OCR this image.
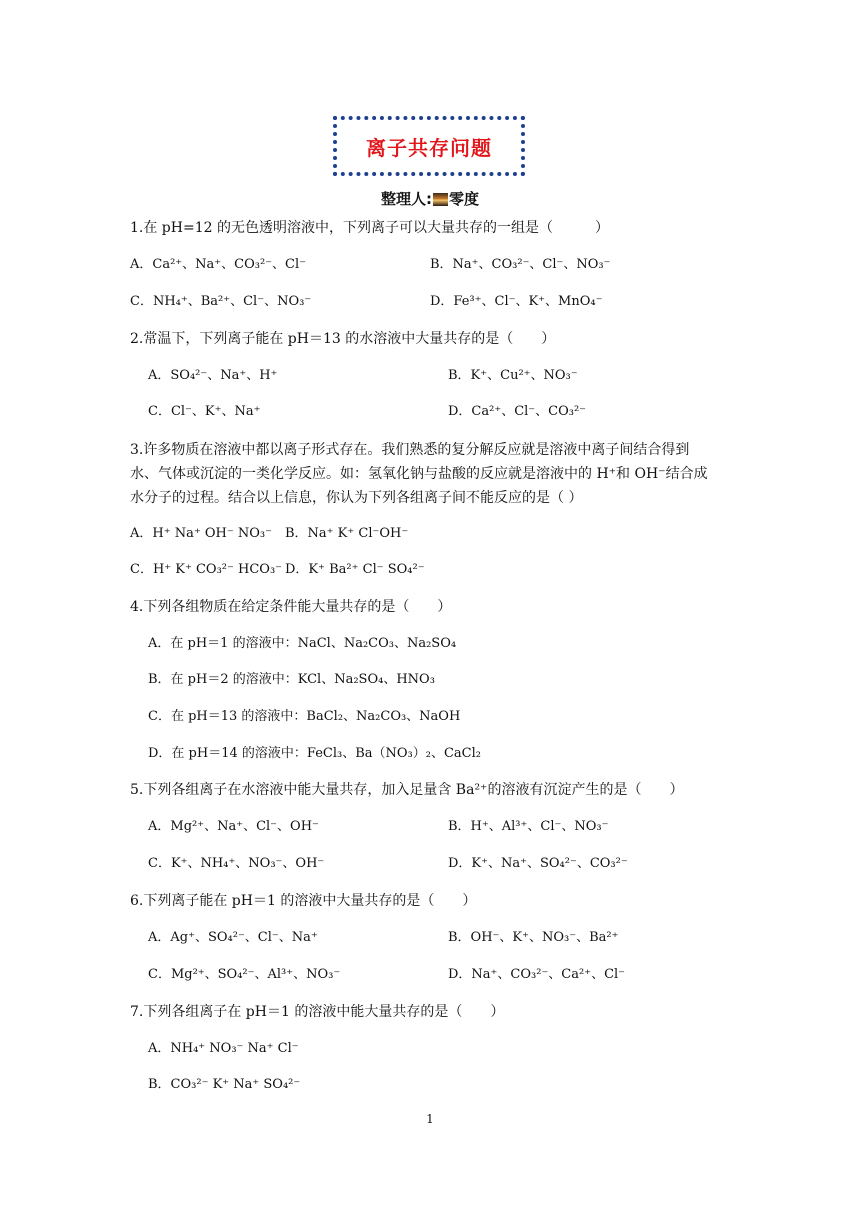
离子共存问题
整理人: 零度
1.在 pH=12 的无色透明溶液中，下列离子可以大量共存的一组是（　　　）
A．Ca²⁺、Na⁺、CO₃²⁻、Cl⁻	B．Na⁺、CO₃²⁻、Cl⁻、NO₃⁻
C．NH₄⁺、Ba²⁺、Cl⁻、NO₃⁻	D．Fe³⁺、Cl⁻、K⁺、MnO₄⁻
2.常温下，下列离子能在 pH＝13 的水溶液中大量共存的是（　　）
A．SO₄²⁻、Na⁺、H⁺	B．K⁺、Cu²⁺、NO₃⁻
C．Cl⁻、K⁺、Na⁺	D．Ca²⁺、Cl⁻、CO₃²⁻
3.许多物质在溶液中都以离子形式存在。我们熟悉的复分解反应就是溶液中离子间结合得到
水、气体或沉淀的一类化学反应。如：氢氧化钠与盐酸的反应就是溶液中的 H⁺和 OH⁻结合成
水分子的过程。结合以上信息，你认为下列各组离子间不能反应的是（ ）
A．H⁺ Na⁺ OH⁻ NO₃⁻ B．Na⁺ K⁺ Cl⁻OH⁻
C．H⁺ K⁺ CO₃²⁻ HCO₃⁻ D．K⁺ Ba²⁺ Cl⁻ SO₄²⁻
4.下列各组物质在给定条件能大量共存的是（　　）
A．在 pH＝1 的溶液中：NaCl、Na₂CO₃、Na₂SO₄
B．在 pH＝2 的溶液中：KCl、Na₂SO₄、HNO₃
C．在 pH＝13 的溶液中：BaCl₂、Na₂CO₃、NaOH
D．在 pH＝14 的溶液中：FeCl₃、Ba（NO₃）₂、CaCl₂
5.下列各组离子在水溶液中能大量共存，加入足量含 Ba²⁺的溶液有沉淀产生的是（　　）
A．Mg²⁺、Na⁺、Cl⁻、OH⁻	B．H⁺、Al³⁺、Cl⁻、NO₃⁻
C．K⁺、NH₄⁺、NO₃⁻、OH⁻	D．K⁺、Na⁺、SO₄²⁻、CO₃²⁻
6.下列离子能在 pH＝1 的溶液中大量共存的是（　　）
A．Ag⁺、SO₄²⁻、Cl⁻、Na⁺	B．OH⁻、K⁺、NO₃⁻、Ba²⁺
C．Mg²⁺、SO₄²⁻、Al³⁺、NO₃⁻	D．Na⁺、CO₃²⁻、Ca²⁺、Cl⁻
7.下列各组离子在 pH＝1 的溶液中能大量共存的是（　　）
A．NH₄⁺ NO₃⁻ Na⁺ Cl⁻
B．CO₃²⁻ K⁺ Na⁺ SO₄²⁻
1
